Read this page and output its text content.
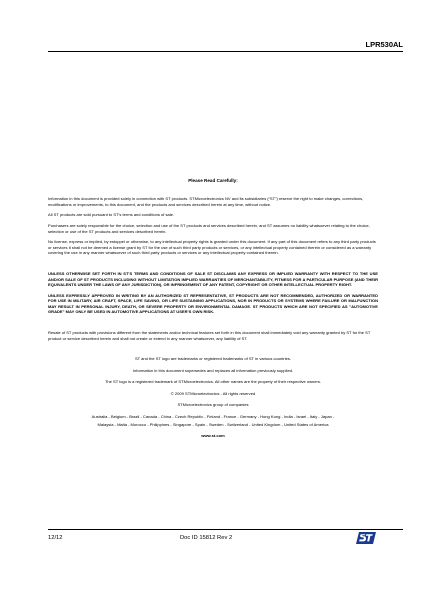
LPR530AL
Please Read Carefully:

Information in this document is provided solely in connection with ST products. STMicroelectronics NV and its subsidiaries (“ST”) reserve the right to make changes, corrections, modifications or improvements, to this document, and the products and services described herein at any time, without notice.

All ST products are sold pursuant to ST’s terms and conditions of sale.

Purchasers are solely responsible for the choice, selection and use of the ST products and services described herein, and ST assumes no liability whatsoever relating to the choice, selection or use of the ST products and services described herein.

No license, express or implied, by estoppel or otherwise, to any intellectual property rights is granted under this document. If any part of this document refers to any third party products or services it shall not be deemed a license grant by ST for the use of such third party products or services, or any intellectual property contained therein or considered as a warranty covering the use in any manner whatsoever of such third party products or services or any intellectual property contained therein.

UNLESS OTHERWISE SET FORTH IN ST’S TERMS AND CONDITIONS OF SALE ST DISCLAIMS ANY EXPRESS OR IMPLIED WARRANTY WITH RESPECT TO THE USE AND/OR SALE OF ST PRODUCTS INCLUDING WITHOUT LIMITATION IMPLIED WARRANTIES OF MERCHANTABILITY, FITNESS FOR A PARTICULAR PURPOSE (AND THEIR EQUIVALENTS UNDER THE LAWS OF ANY JURISDICTION), OR INFRINGEMENT OF ANY PATENT, COPYRIGHT OR OTHER INTELLECTUAL PROPERTY RIGHT.

UNLESS EXPRESSLY APPROVED IN WRITING BY AN AUTHORIZED ST REPRESENTATIVE, ST PRODUCTS ARE NOT RECOMMENDED, AUTHORIZED OR WARRANTED FOR USE IN MILITARY, AIR CRAFT, SPACE, LIFE SAVING, OR LIFE SUSTAINING APPLICATIONS, NOR IN PRODUCTS OR SYSTEMS WHERE FAILURE OR MALFUNCTION MAY RESULT IN PERSONAL INJURY, DEATH, OR SEVERE PROPERTY OR ENVIRONMENTAL DAMAGE. ST PRODUCTS WHICH ARE NOT SPECIFIED AS "AUTOMOTIVE GRADE" MAY ONLY BE USED IN AUTOMOTIVE APPLICATIONS AT USER’S OWN RISK.

Resale of ST products with provisions different from the statements and/or technical features set forth in this document shall immediately void any warranty granted by ST for the ST product or service described herein and shall not create or extend in any manner whatsoever, any liability of ST.

ST and the ST logo are trademarks or registered trademarks of ST in various countries.
Information in this document supersedes and replaces all information previously supplied.
The ST logo is a registered trademark of STMicroelectronics. All other names are the property of their respective owners.
© 2009 STMicroelectronics - All rights reserved
STMicroelectronics group of companies
Australia - Belgium - Brazil - Canada - China - Czech Republic - Finland - France - Germany - Hong Kong - India - Israel - Italy - Japan -
Malaysia - Malta - Morocco - Philippines - Singapore - Spain - Sweden - Switzerland - United Kingdom - United States of America
www.st.com
12/12	Doc ID 15812 Rev 2
